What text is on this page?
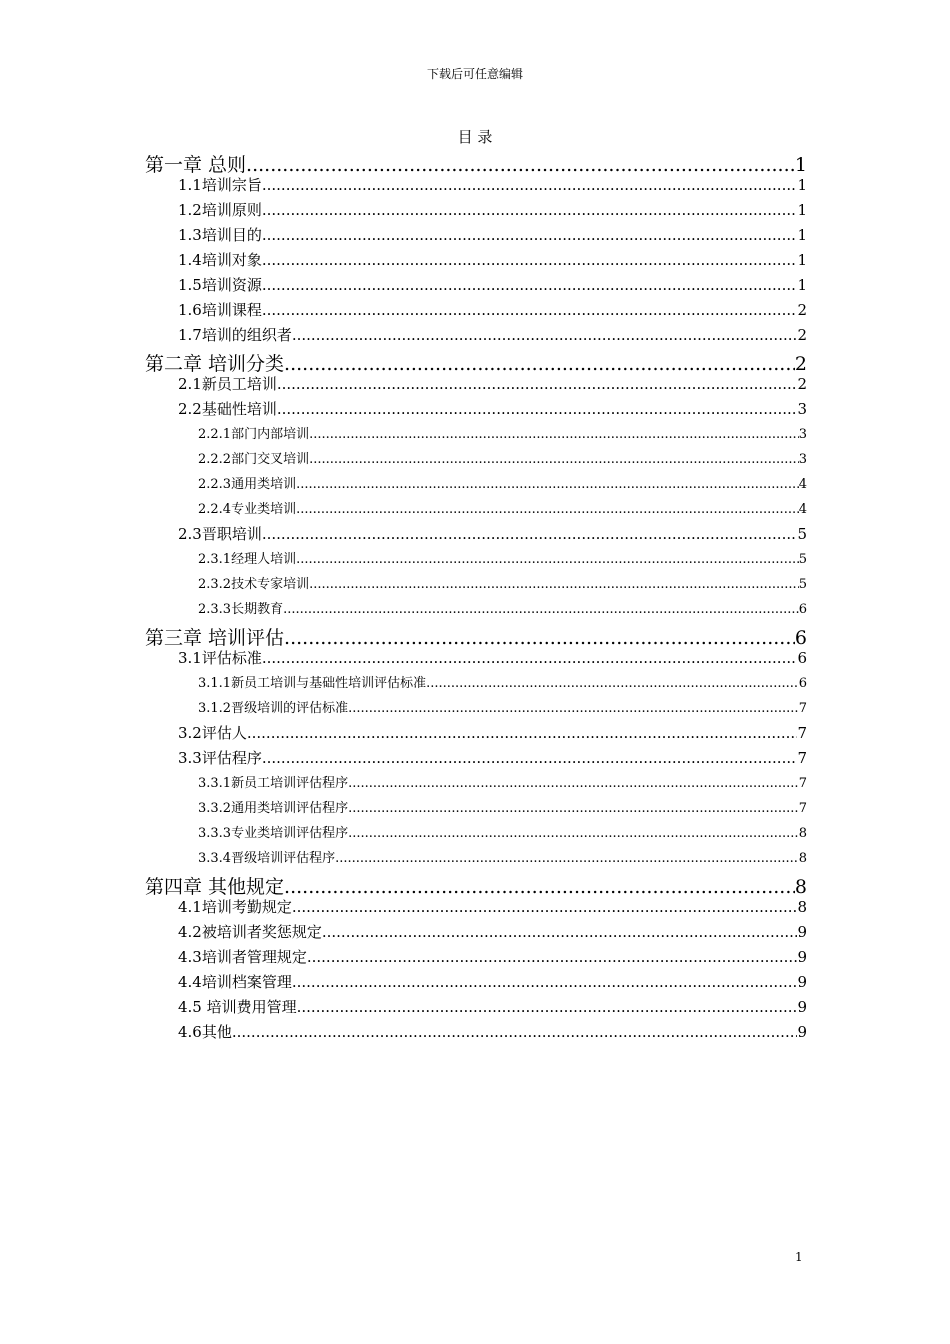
下载后可任意编辑
目 录
第一章 总则 .....	1
1.1培训宗旨 .....	1
1.2培训原则 .....	1
1.3培训目的 .....	1
1.4培训对象 .....	1
1.5培训资源 .....	1
1.6培训课程 .....	2
1.7培训的组织者 .....	2
第二章 培训分类 .....	2
2.1新员工培训 .....	2
2.2基础性培训 .....	3
2.2.1部门内部培训 .....	3
2.2.2部门交叉培训 .....	3
2.2.3通用类培训 .....	4
2.2.4专业类培训 .....	4
2.3晋职培训 .....	5
2.3.1经理人培训 .....	5
2.3.2技术专家培训 .....	5
2.3.3长期教育 .....	6
第三章 培训评估 .....	6
3.1评估标准 .....	6
3.1.1新员工培训与基础性培训评估标准 .....	6
3.1.2晋级培训的评估标准 .....	7
3.2评估人 .....	7
3.3评估程序 .....	7
3.3.1新员工培训评估程序 .....	7
3.3.2通用类培训评估程序 .....	7
3.3.3专业类培训评估程序 .....	8
3.3.4晋级培训评估程序 .....	8
第四章 其他规定 .....	8
4.1培训考勤规定 .....	8
4.2被培训者奖惩规定 .....	9
4.3培训者管理规定 .....	9
4.4培训档案管理 .....	9
4.5 培训费用管理 .....	9
4.6其他 .....	9
1
